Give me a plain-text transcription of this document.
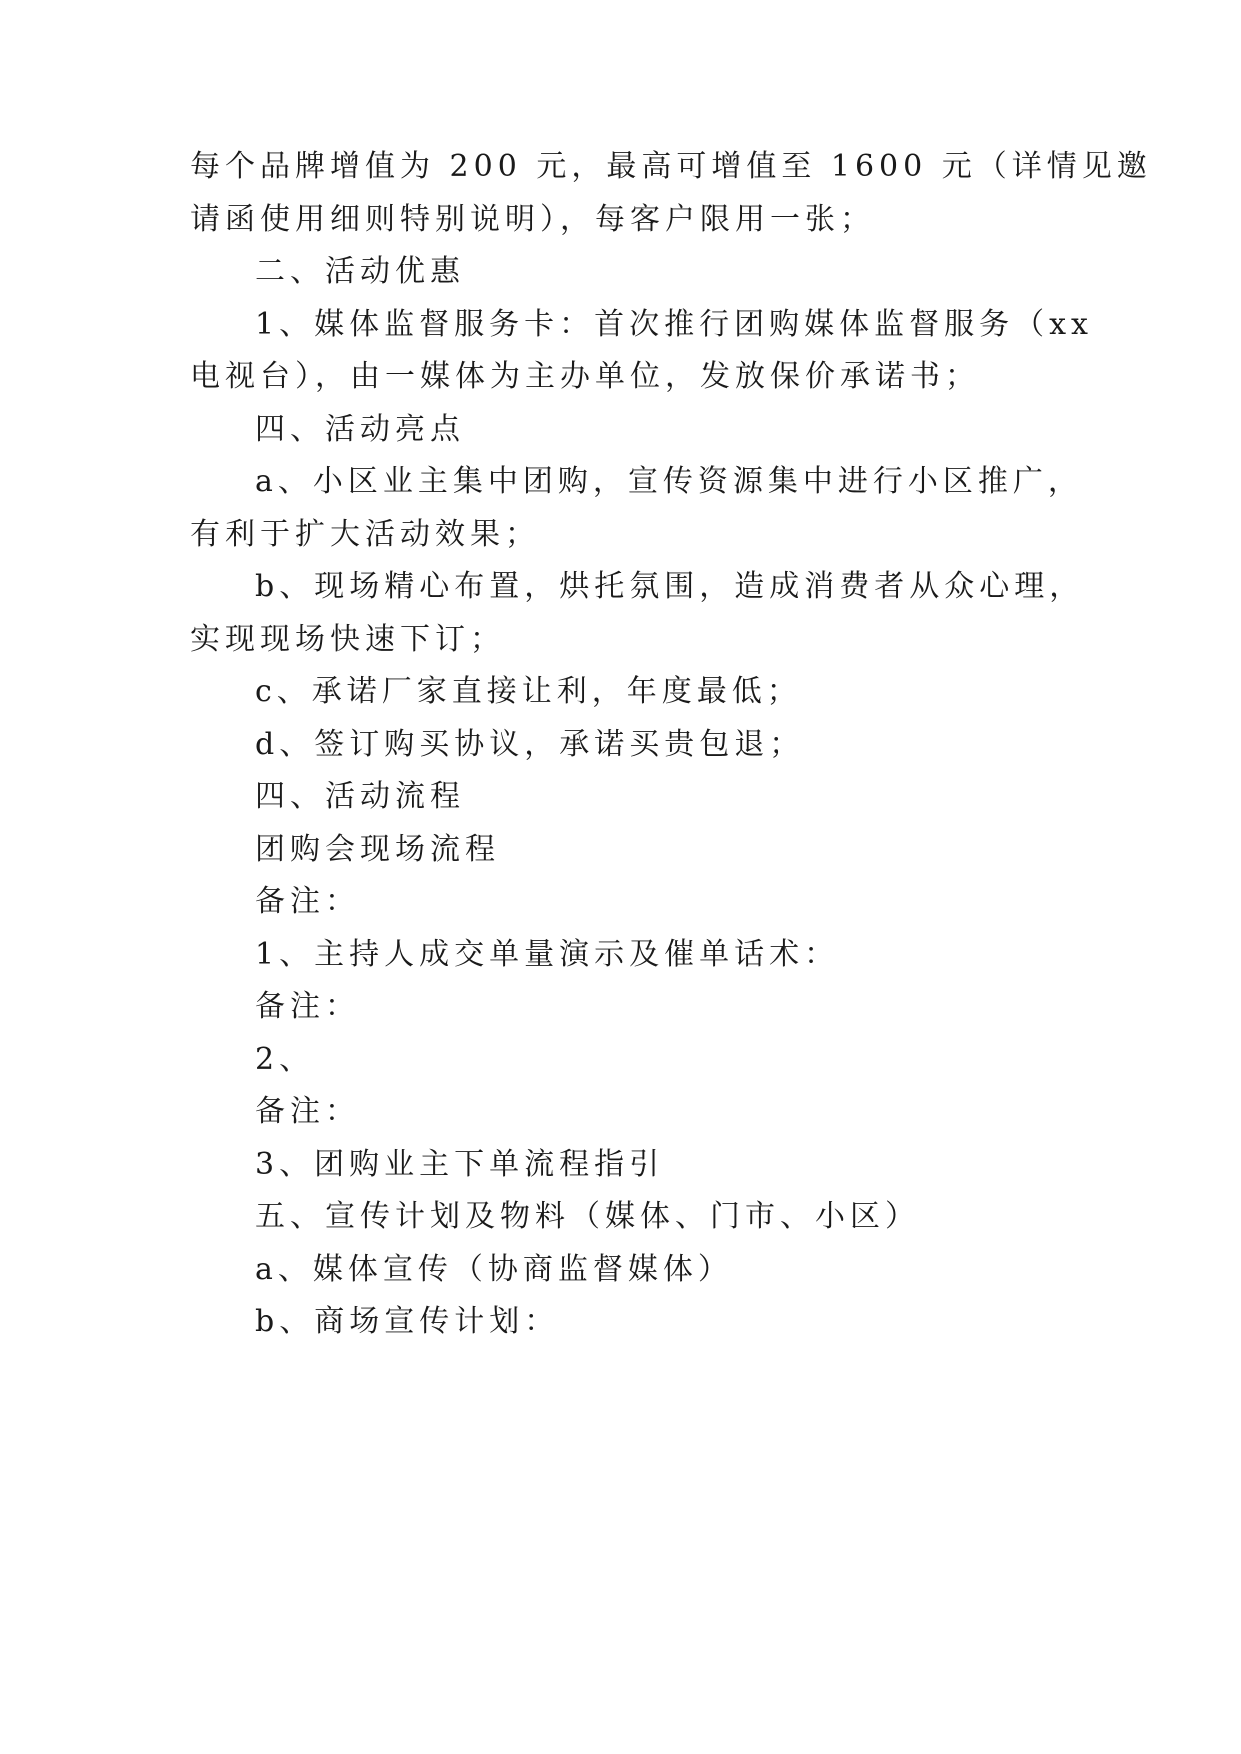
每个品牌增值为 200 元，最高可增值至 1600 元（详情见邀
请函使用细则特别说明），每客户限用一张；
二、活动优惠
1、媒体监督服务卡：首次推行团购媒体监督服务（xx
电视台），由一媒体为主办单位，发放保价承诺书；
四、活动亮点
a、小区业主集中团购，宣传资源集中进行小区推广，
有利于扩大活动效果；
b、现场精心布置，烘托氛围，造成消费者从众心理，
实现现场快速下订；
c、承诺厂家直接让利，年度最低；
d、签订购买协议，承诺买贵包退；
四、活动流程
团购会现场流程
备注：
1、主持人成交单量演示及催单话术：
备注：
2、
备注：
3、团购业主下单流程指引
五、宣传计划及物料（媒体、门市、小区）
a、媒体宣传（协商监督媒体）
b、商场宣传计划：
